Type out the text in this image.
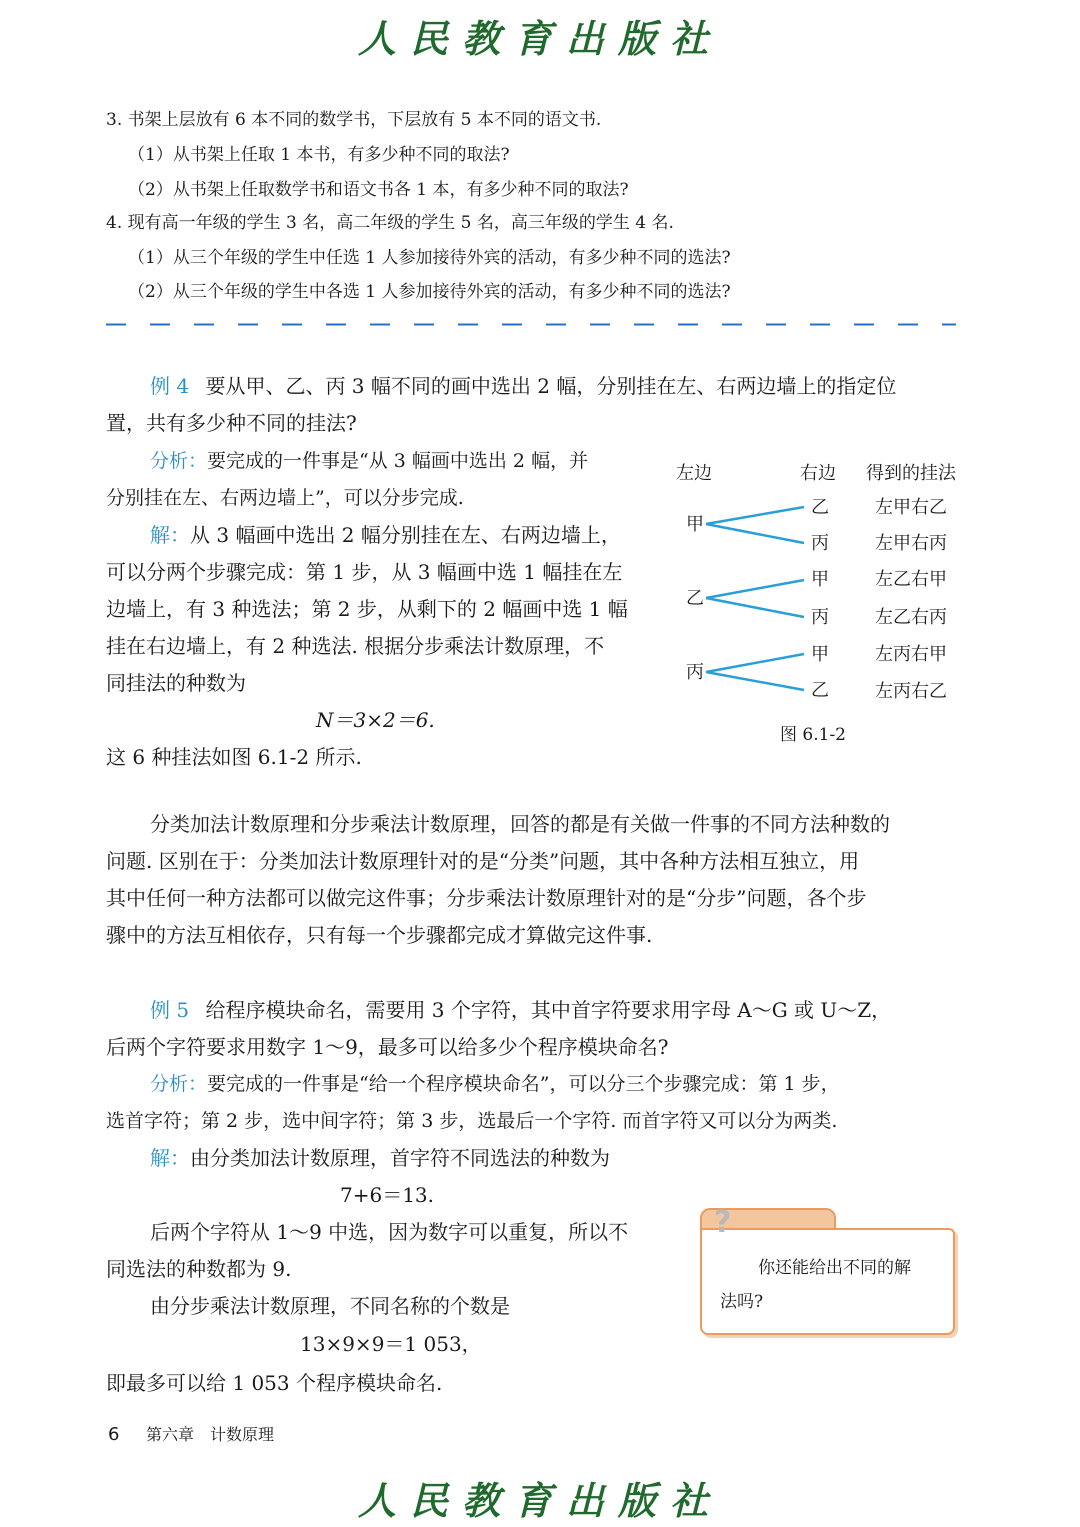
人民教育出版社
3. 书架上层放有 6 本不同的数学书，下层放有 5 本不同的语文书.
（1）从书架上任取 1 本书，有多少种不同的取法?
（2）从书架上任取数学书和语文书各 1 本，有多少种不同的取法?
4. 现有高一年级的学生 3 名，高二年级的学生 5 名，高三年级的学生 4 名.
（1）从三个年级的学生中任选 1 人参加接待外宾的活动，有多少种不同的选法?
（2）从三个年级的学生中各选 1 人参加接待外宾的活动，有多少种不同的选法?
例 4 要从甲、乙、丙 3 幅不同的画中选出 2 幅，分别挂在左、右两边墙上的指定位
置，共有多少种不同的挂法?
分析：要完成的一件事是“从 3 幅画中选出 2 幅，并
分别挂在左、右两边墙上”，可以分步完成.
解：从 3 幅画中选出 2 幅分别挂在左、右两边墙上，
可以分两个步骤完成：第 1 步，从 3 幅画中选 1 幅挂在左
边墙上，有 3 种选法；第 2 步，从剩下的 2 幅画中选 1 幅
挂在右边墙上，有 2 种选法. 根据分步乘法计数原理，不
同挂法的种数为
N＝3×2＝6.
这 6 种挂法如图 6.1-2 所示.
左边	右边 得到的挂法
甲
乙
丙
左甲右乙
左甲右丙
乙
甲
丙
左乙右甲
左乙右丙
丙
甲
乙
左丙右甲
左丙右乙
图 6.1-2
分类加法计数原理和分步乘法计数原理，回答的都是有关做一件事的不同方法种数的
问题. 区别在于：分类加法计数原理针对的是“分类”问题，其中各种方法相互独立，用
其中任何一种方法都可以做完这件事；分步乘法计数原理针对的是“分步”问题，各个步
骤中的方法互相依存，只有每一个步骤都完成才算做完这件事.
例 5 给程序模块命名，需要用 3 个字符，其中首字符要求用字母 A～G 或 U～Z，
后两个字符要求用数字 1～9，最多可以给多少个程序模块命名?
分析：要完成的一件事是“给一个程序模块命名”，可以分三个步骤完成：第 1 步，
选首字符；第 2 步，选中间字符；第 3 步，选最后一个字符. 而首字符又可以分为两类.
解：由分类加法计数原理，首字符不同选法的种数为
7+6＝13.
后两个字符从 1～9 中选，因为数字可以重复，所以不
同选法的种数都为 9.
由分步乘法计数原理，不同名称的个数是
13×9×9＝1 053，
即最多可以给 1 053 个程序模块命名.
?
你还能给出不同的解
法吗?
6 第六章　计数原理
人民教育出版社
